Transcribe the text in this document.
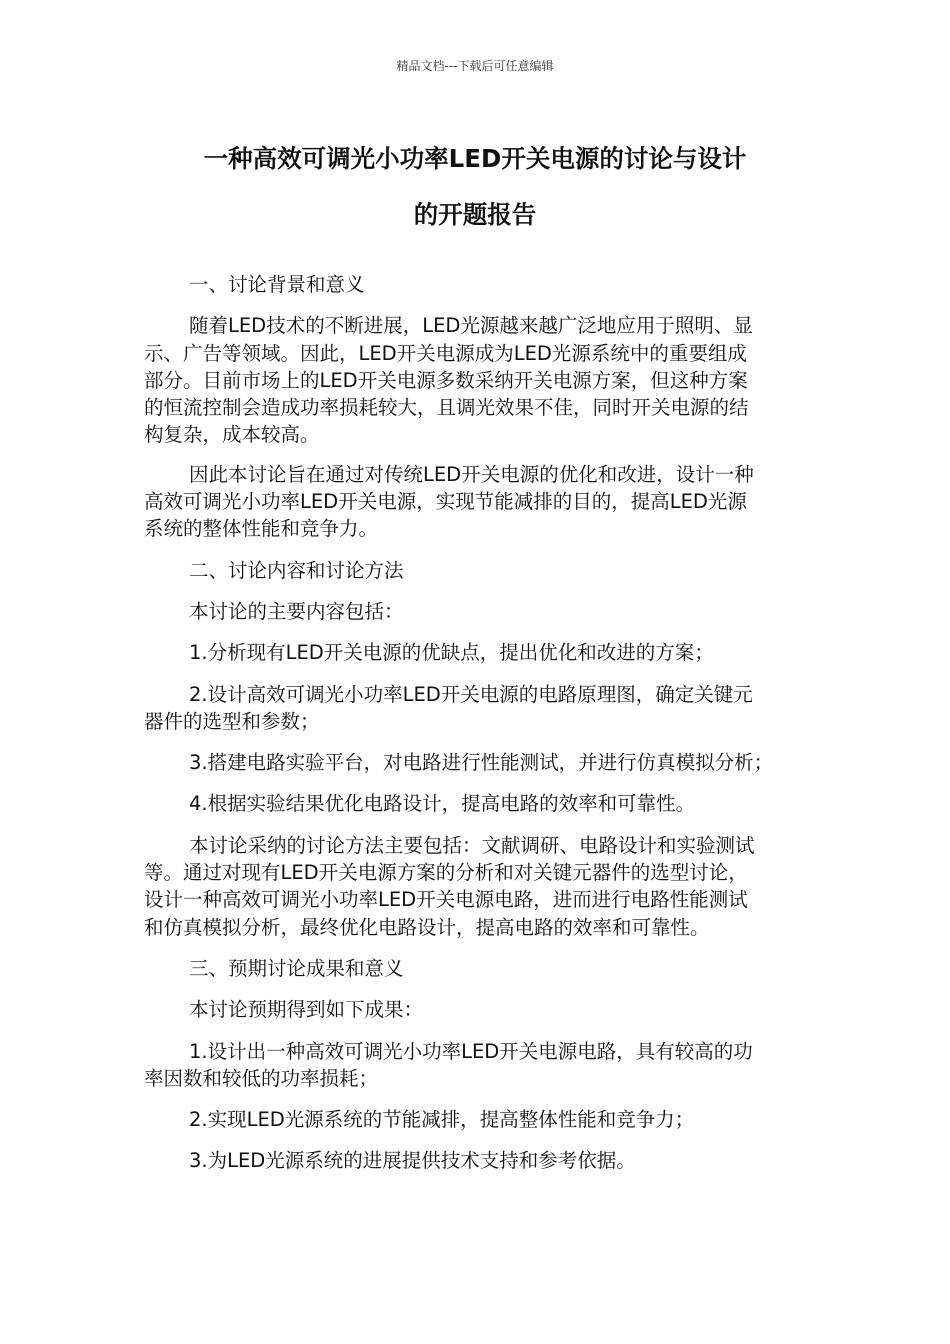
精品文档---下载后可任意编辑
一种高效可调光小功率LED开关电源的讨论与设计
的开题报告

一、讨论背景和意义

随着LED技术的不断进展，LED光源越来越广泛地应用于照明、显
示、广告等领域。因此，LED开关电源成为LED光源系统中的重要组成
部分。目前市场上的LED开关电源多数采纳开关电源方案，但这种方案
的恒流控制会造成功率损耗较大，且调光效果不佳，同时开关电源的结
构复杂，成本较高。

因此本讨论旨在通过对传统LED开关电源的优化和改进，设计一种
高效可调光小功率LED开关电源，实现节能减排的目的，提高LED光源
系统的整体性能和竞争力。

二、讨论内容和讨论方法

本讨论的主要内容包括：

1.分析现有LED开关电源的优缺点，提出优化和改进的方案；

2.设计高效可调光小功率LED开关电源的电路原理图，确定关键元
器件的选型和参数；

3.搭建电路实验平台，对电路进行性能测试，并进行仿真模拟分析；

4.根据实验结果优化电路设计，提高电路的效率和可靠性。

本讨论采纳的讨论方法主要包括：文献调研、电路设计和实验测试
等。通过对现有LED开关电源方案的分析和对关键元器件的选型讨论，
设计一种高效可调光小功率LED开关电源电路，进而进行电路性能测试
和仿真模拟分析，最终优化电路设计，提高电路的效率和可靠性。

三、预期讨论成果和意义

本讨论预期得到如下成果：

1.设计出一种高效可调光小功率LED开关电源电路，具有较高的功
率因数和较低的功率损耗；

2.实现LED光源系统的节能减排，提高整体性能和竞争力；

3.为LED光源系统的进展提供技术支持和参考依据。
